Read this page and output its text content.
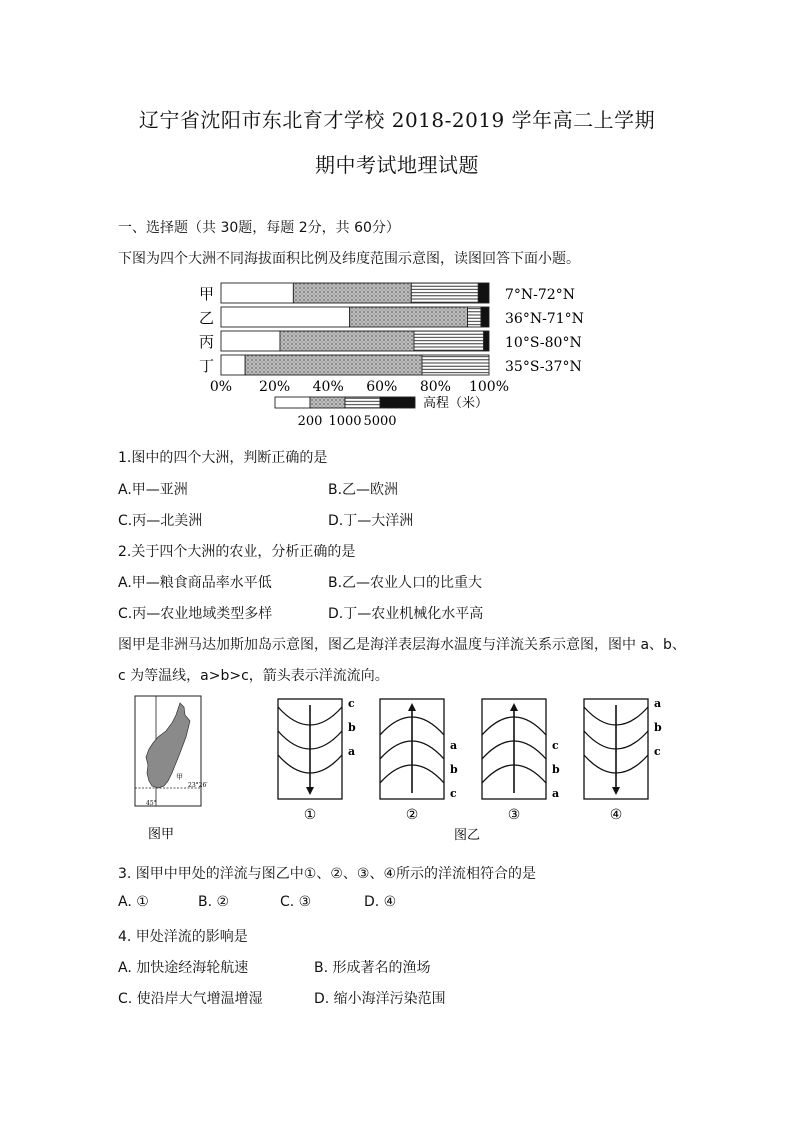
辽宁省沈阳市东北育才学校 2018-2019 学年高二上学期
期中考试地理试题
一、选择题（共 30题，每题 2分，共 60分）
下图为四个大洲不同海拔面积比例及纬度范围示意图，读图回答下面小题。
甲
乙
丙
丁
7°N-72°N
36°N-71°N
10°S-80°N
35°S-37°N
0% 20% 40% 60% 80% 100%
高程（米）
200 1000 5000
1.图中的四个大洲，判断正确的是
A.甲—亚洲	B.乙—欧洲
C.丙—北美洲	D.丁—大洋洲
2.关于四个大洲的农业，分析正确的是
A.甲—粮食商品率水平低	B.乙—农业人口的比重大
C.丙—农业地域类型多样	D.丁—农业机械化水平高
图甲是非洲马达加斯加岛示意图，图乙是海洋表层海水温度与洋流关系示意图，图中 a、b、
c 为等温线，a>b>c，箭头表示洋流流向。
甲
23°26′
45°
图甲
c
b
a
①
a
b
c
②
c
b
a
③
a
b
c
④
图乙
3. 图甲中甲处的洋流与图乙中①、②、③、④所示的洋流相符合的是
A. ①	B. ②	C. ③	D. ④
4. 甲处洋流的影响是
A. 加快途经海轮航速	B. 形成著名的渔场
C. 使沿岸大气增温增湿	D. 缩小海洋污染范围
